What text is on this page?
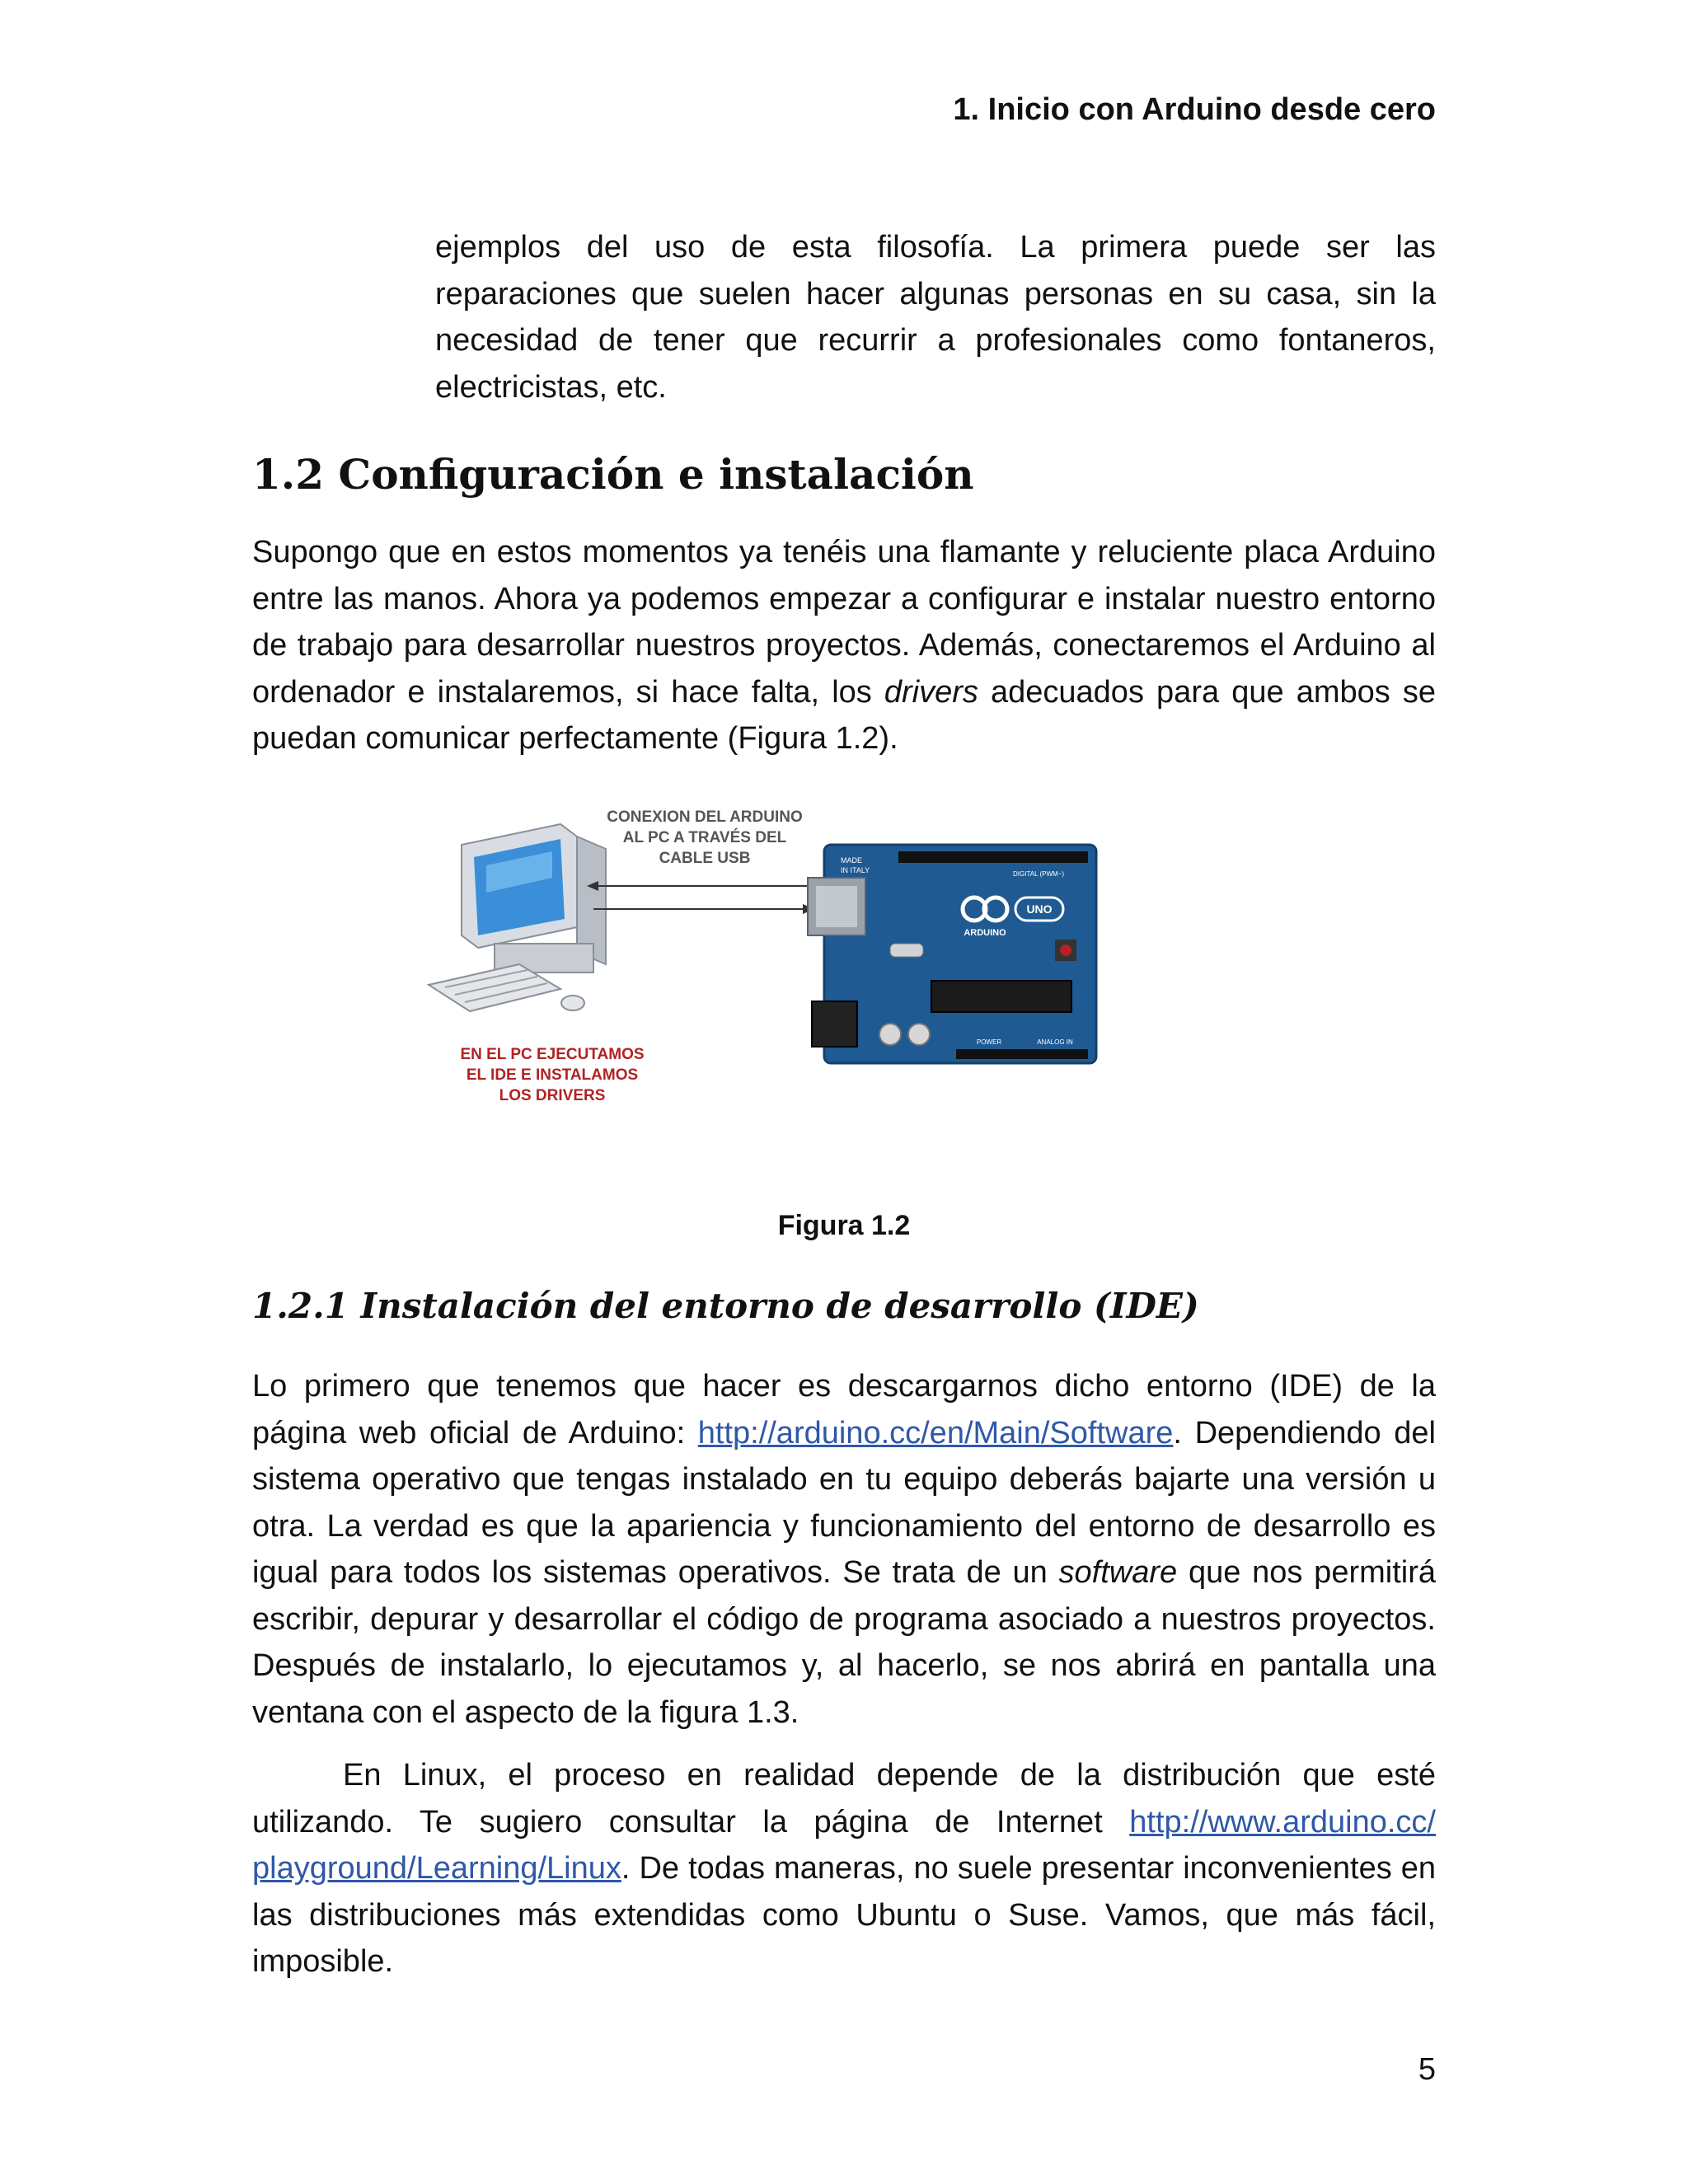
1. Inicio con Arduino desde cero

ejemplos del uso de esta filosofía. La primera puede ser las reparaciones que suelen hacer algunas personas en su casa, sin la necesidad de tener que recurrir a profesionales como fontaneros, electricistas, etc.

1.2 Configuración e instalación

Supongo que en estos momentos ya tenéis una flamante y reluciente placa Arduino entre las manos. Ahora ya podemos empezar a configurar e instalar nuestro entorno de trabajo para desarrollar nuestros proyectos. Además, conectaremos el Arduino al ordenador e instalaremos, si hace falta, los drivers adecuados para que ambos se puedan comunicar perfectamente (Figura 1.2).

CONEXION DEL ARDUINO
AL PC A TRAVÉS DEL
CABLE USB
EN EL PC EJECUTAMOS
EL IDE E INSTALAMOS
LOS DRIVERS
MADE
IN ITALY
UNO
ARDUINO
DIGITAL (PWM~)
POWER	ANALOG IN
Figura 1.2
1.2.1 Instalación del entorno de desarrollo (IDE)

Lo primero que tenemos que hacer es descargarnos dicho entorno (IDE) de la página web oficial de Arduino: http://arduino.cc/en/Main/Software. Dependiendo del sistema operativo que tengas instalado en tu equipo deberás bajarte una versión u otra. La verdad es que la apariencia y funcionamiento del entorno de desarrollo es igual para todos los sistemas operativos. Se trata de un software que nos permitirá escribir, depurar y desarrollar el código de programa asociado a nuestros proyectos. Después de instalarlo, lo ejecutamos y, al hacerlo, se nos abrirá en pantalla una ventana con el aspecto de la figura 1.3.

En Linux, el proceso en realidad depende de la distribución que esté utilizando. Te sugiero consultar la página de Internet http://www.arduino.cc/ playground/Learning/Linux. De todas maneras, no suele presentar inconvenientes en las distribuciones más extendidas como Ubuntu o Suse. Vamos, que más fácil, imposible.

5
